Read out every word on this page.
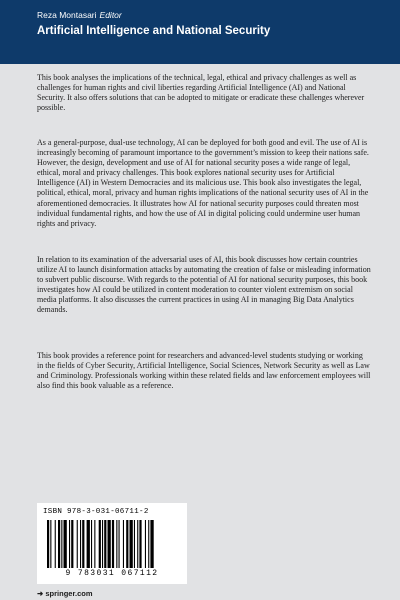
Reza Montasari Editor
Artificial Intelligence and National Security

This book analyses the implications of the technical, legal, ethical and privacy challenges as well as challenges for human rights and civil liberties regarding Artificial Intelligence (AI) and National Security. It also offers solutions that can be adopted to mitigate or eradicate these challenges wherever possible.

As a general-purpose, dual-use technology, AI can be deployed for both good and evil. The use of AI is increasingly becoming of paramount importance to the government’s mission to keep their nations safe. However, the design, development and use of AI for national security poses a wide range of legal, ethical, moral and privacy challenges. This book explores national security uses for Artificial Intelligence (AI) in Western Democracies and its malicious use. This book also investigates the legal, political, ethical, moral, privacy and human rights implications of the national security uses of AI in the aforementioned democracies. It illustrates how AI for national security purposes could threaten most individual fundamental rights, and how the use of AI in digital policing could undermine user human rights and privacy.

In relation to its examination of the adversarial uses of AI, this book discusses how certain countries utilize AI to launch disinformation attacks by automating the creation of false or misleading information to subvert public discourse. With regards to the potential of AI for national security purposes, this book investigates how AI could be utilized in content moderation to counter violent extremism on social media platforms. It also discusses the current practices in using AI in managing Big Data Analytics demands.

This book provides a reference point for researchers and advanced-level students studying or working in the fields of Cyber Security, Artificial Intelligence, Social Sciences, Network Security as well as Law and Criminology. Professionals working within these related fields and law enforcement employees will also find this book valuable as a reference.

ISBN 978-3-031-06711-2
9 783031 067112
➜ springer.com
